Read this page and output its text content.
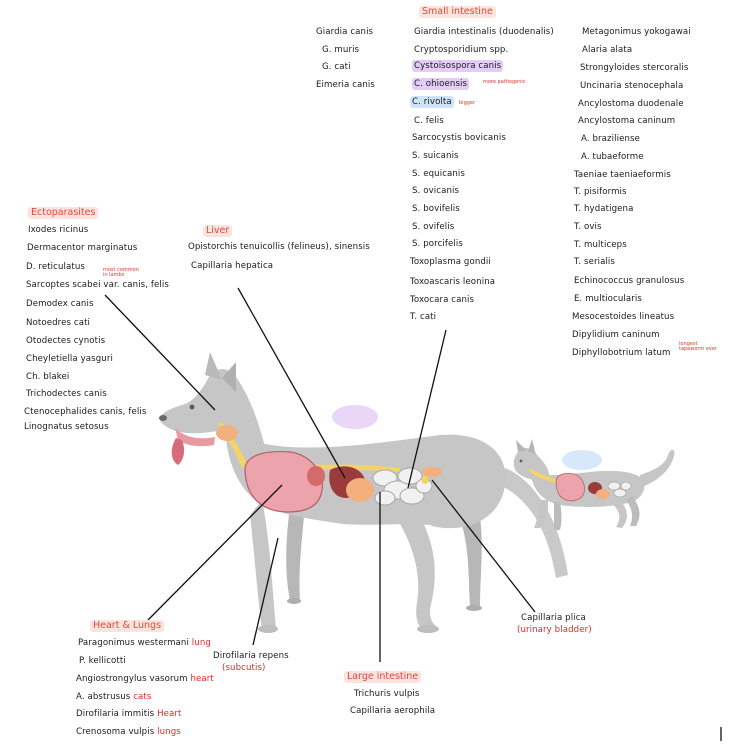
Small intestine
Giardia canis
G. muris
G. cati
Eimeria canis
Giardia intestinalis (duodenalis)
Cryptosporidium spp.
Cystoisospora canis
C. ohioensis	more pathogenic
C. rivolta	bigger
C. felis
Sarcocystis bovicanis
S. suicanis
S. equicanis
S. ovicanis
S. bovifelis
S. ovifelis
S. porcifelis
Toxoplasma gondii
Toxoascaris leonina
Toxocara canis
T. cati
Metagonimus yokogawai
Alaria alata
Strongyloides stercoralis
Uncinaria stenocephala
Ancylostoma duodenale
Ancylostoma caninum
A. braziliense
A. tubaeforme
Taeniae taeniaeformis
T. pisiformis
T. hydatigena
T. ovis
T. multiceps
T. serialis
Echinococcus granulosus
E. multiocularis
Mesocestoides lineatus
Dipylidium caninum
Diphyllobotrium latum
longest tapeworm ever
Ectoparasites
Ixodes ricinus
Dermacentor marginatus
D. reticulatus
Sarcoptes scabei var. canis, felis
most common in lambs
Demodex canis
Notoedres cati
Otodectes cynotis
Cheyletiella yasguri
Ch. blakei
Trichodectes canis
Ctenocephalides canis, felis
Linognatus setosus
Liver
Opistorchis tenuicollis (felineus), sinensis
Capillaria hepatica
Heart & Lungs
Paragonimus westermani lung
P. kellicotti
Angiostrongylus vasorum heart
A. abstrusus cats
Dirofilaria immitis Heart
Crenosoma vulpis lungs
Dirofilaria repens
(subcutis)
Large intestine
Trichuris vulpis
Capillaria aerophila
Capillaria plica
(urinary bladder)
